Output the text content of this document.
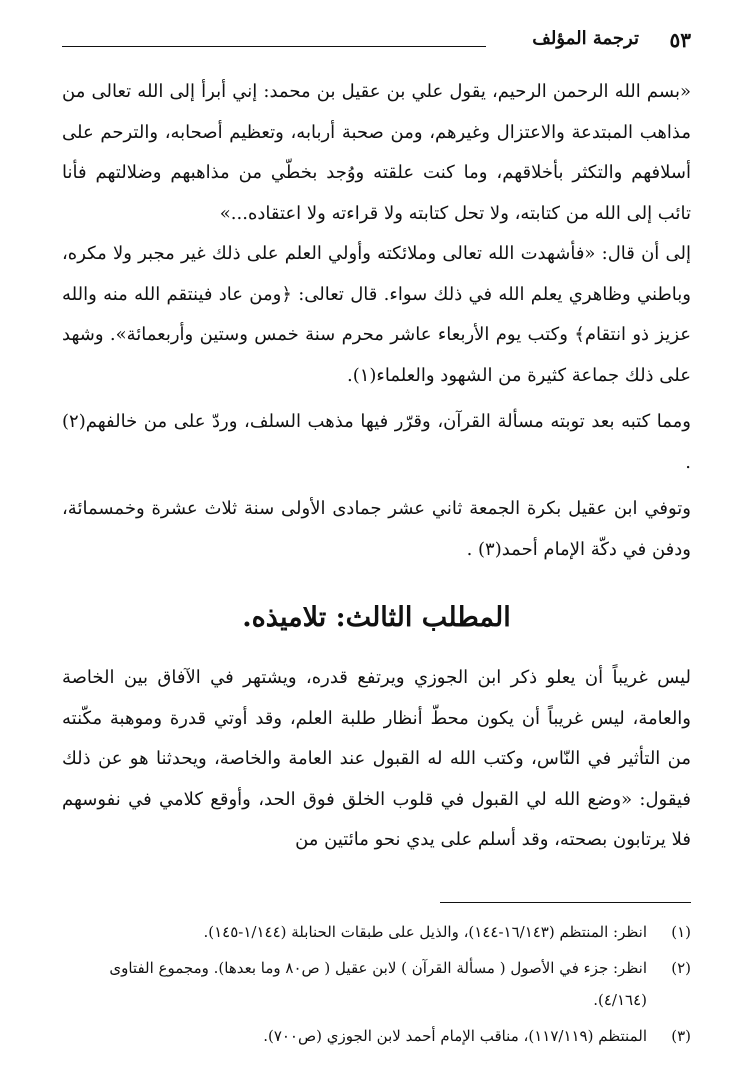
٥٣
ترجمة المؤلف

«بسم الله الرحمن الرحيم، يقول علي بن عقيل بن محمد: إني أبرأ إلى الله تعالى من مذاهب المبتدعة والاعتزال وغيرهم، ومن صحبة أربابه، وتعظيم أصحابه، والترحم على أسلافهم والتكثر بأخلاقهم، وما كنت علقته ووُجد بخطّي من مذاهبهم وضلالتهم فأنا تائب إلى الله من كتابته، ولا تحل كتابته ولا قراءته ولا اعتقاده...»
إلى أن قال: «فأشهدت الله تعالى وملائكته وأولي العلم على ذلك غير مجبر ولا مكره، وباطني وظاهري يعلم الله في ذلك سواء. قال تعالى: ﴿ومن عاد فينتقم الله منه والله عزيز ذو انتقام﴾ وكتب يوم الأربعاء عاشر محرم سنة خمس وستين وأربعمائة». وشهد على ذلك جماعة كثيرة من الشهود والعلماء(١).

ومما كتبه بعد توبته مسألة القرآن، وقرّر فيها مذهب السلف، وردّ على من خالفهم(٢) .

وتوفي ابن عقيل بكرة الجمعة ثاني عشر جمادى الأولى سنة ثلاث عشرة وخمسمائة، ودفن في دكّة الإمام أحمد(٣) .

المطلب الثالث: تلاميذه.

ليس غريباً أن يعلو ذكر ابن الجوزي ويرتفع قدره، ويشتهر في الآفاق بين الخاصة والعامة، ليس غريباً أن يكون محطّ أنظار طلبة العلم، وقد أوتي قدرة وموهبة مكّنته من التأثير في النّاس، وكتب الله له القبول عند العامة والخاصة، ويحدثنا هو عن ذلك فيقول: «وضع الله لي القبول في قلوب الخلق فوق الحد، وأوقع كلامي في نفوسهم فلا يرتابون بصحته، وقد أسلم على يدي نحو مائتين من

(١)
انظر: المنتظم (١٦/١٤٣-١٤٤)، والذيل على طبقات الحنابلة (١/١٤٤-١٤٥).
(٢)
انظر: جزء في الأصول ( مسألة القرآن ) لابن عقيل ( ص٨٠ وما بعدها). ومجموع الفتاوى (٤/١٦٤).
(٣)
المنتظم (١١٧/١١٩)، مناقب الإمام أحمد لابن الجوزي (ص٧٠٠).
